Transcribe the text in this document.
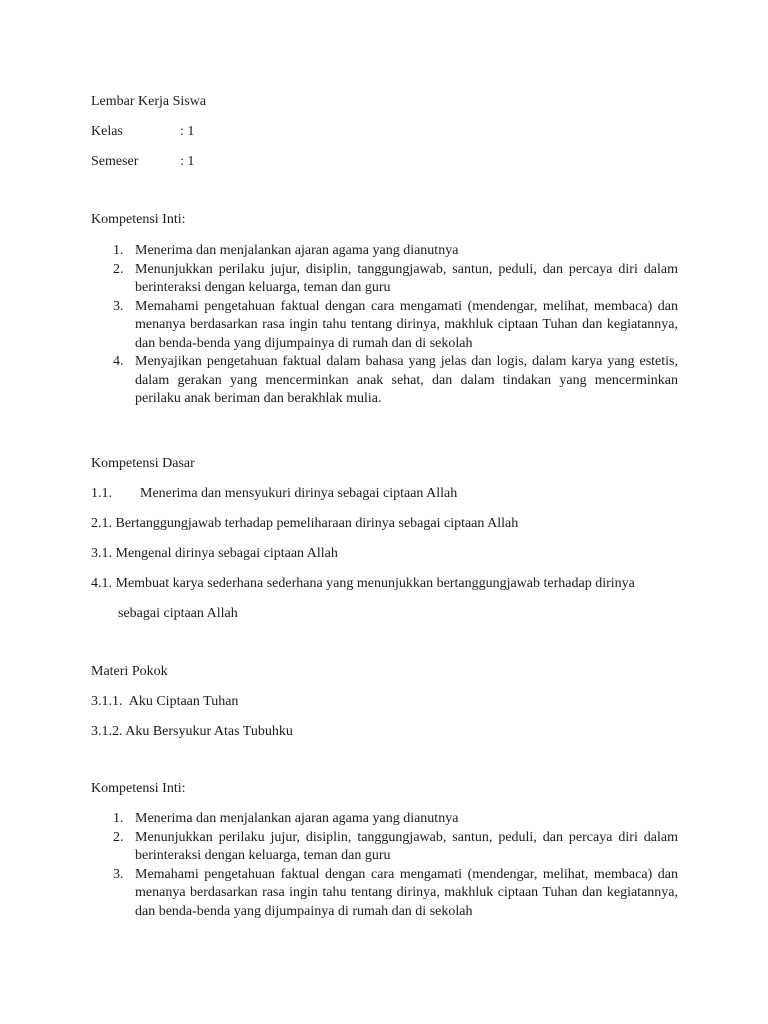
Lembar Kerja Siswa
Kelas	: 1
Semeser	: 1
Kompetensi Inti:
1. Menerima dan menjalankan ajaran agama yang dianutnya
2. Menunjukkan perilaku jujur, disiplin, tanggungjawab, santun, peduli, dan percaya diri dalam berinteraksi dengan keluarga, teman dan guru
3. Memahami pengetahuan faktual dengan cara mengamati (mendengar, melihat, membaca) dan menanya berdasarkan rasa ingin tahu tentang dirinya, makhluk ciptaan Tuhan dan kegiatannya, dan benda-benda yang dijumpainya di rumah dan di sekolah
4. Menyajikan pengetahuan faktual dalam bahasa yang jelas dan logis, dalam karya yang estetis, dalam gerakan yang mencerminkan anak sehat, dan dalam tindakan yang mencerminkan perilaku anak beriman dan berakhlak mulia.
Kompetensi Dasar
1.1.        Menerima dan mensyukuri dirinya sebagai ciptaan Allah
2.1. Bertanggungjawab terhadap pemeliharaan dirinya sebagai ciptaan Allah
3.1. Mengenal dirinya sebagai ciptaan Allah
4.1. Membuat karya sederhana sederhana yang menunjukkan bertanggungjawab terhadap dirinya
sebagai ciptaan Allah
Materi Pokok
3.1.1.  Aku Ciptaan Tuhan
3.1.2. Aku Bersyukur Atas Tubuhku
Kompetensi Inti:
1. Menerima dan menjalankan ajaran agama yang dianutnya
2. Menunjukkan perilaku jujur, disiplin, tanggungjawab, santun, peduli, dan percaya diri dalam berinteraksi dengan keluarga, teman dan guru
3. Memahami pengetahuan faktual dengan cara mengamati (mendengar, melihat, membaca) dan menanya berdasarkan rasa ingin tahu tentang dirinya, makhluk ciptaan Tuhan dan kegiatannya, dan benda-benda yang dijumpainya di rumah dan di sekolah
